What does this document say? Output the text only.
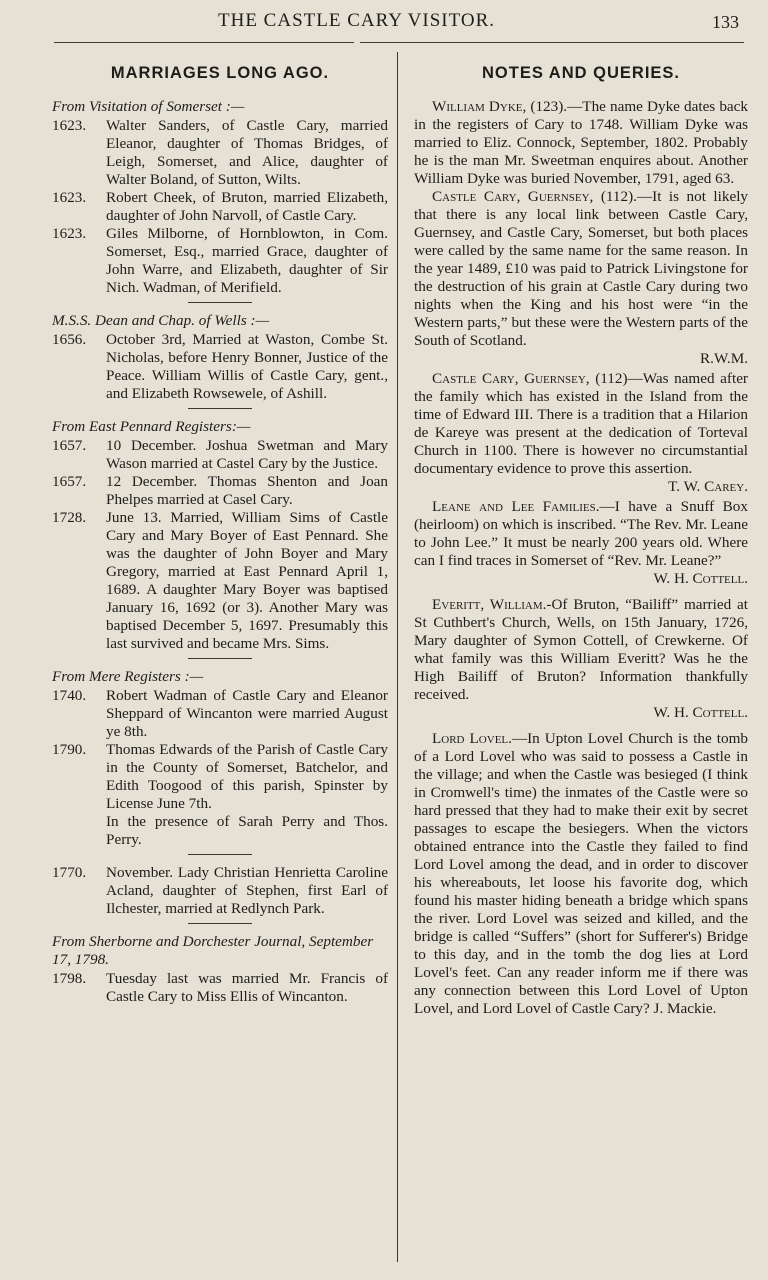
THE CASTLE CARY VISITOR.	133
MARRIAGES LONG AGO.
From Visitation of Somerset :—
1623.	Walter Sanders, of Castle Cary, married Eleanor, daughter of Thomas Bridges, of Leigh, Somerset, and Alice, daughter of Walter Boland, of Sutton, Wilts.
1623.	Robert Cheek, of Bruton, married Elizabeth, daughter of John Narvoll, of Castle Cary.
1623.	Giles Milborne, of Hornblowton, in Com. Somerset, Esq., married Grace, daughter of John Warre, and Elizabeth, daughter of Sir Nich. Wadman, of Merifield.
M.S.S. Dean and Chap. of Wells :—
1656.	October 3rd, Married at Waston, Combe St. Nicholas, before Henry Bonner, Justice of the Peace. William Willis of Castle Cary, gent., and Elizabeth Rowsewele, of Ashill.
From East Pennard Registers:—
1657.	10 December. Joshua Swetman and Mary Wason married at Castel Cary by the Justice.
1657.	12 December. Thomas Shenton and Joan Phelpes married at Casel Cary.
1728.	June 13. Married, William Sims of Castle Cary and Mary Boyer of East Pennard. She was the daughter of John Boyer and Mary Gregory, married at East Pennard April 1, 1689. A daughter Mary Boyer was baptised January 16, 1692 (or 3). Another Mary was baptised December 5, 1697. Presumably this last survived and became Mrs. Sims.
From Mere Registers :—
1740.	Robert Wadman of Castle Cary and Eleanor Sheppard of Wincanton were married August ye 8th.
1790.	Thomas Edwards of the Parish of Castle Cary in the County of Somerset, Batchelor, and Edith Toogood of this parish, Spinster by License June 7th.
In the presence of Sarah Perry and Thos. Perry.
1770.	November. Lady Christian Henrietta Caroline Acland, daughter of Stephen, first Earl of Ilchester, married at Redlynch Park.
From Sherborne and Dorchester Journal, September 17, 1798.
1798.	Tuesday last was married Mr. Francis of Castle Cary to Miss Ellis of Wincanton.
NOTES AND QUERIES.

William Dyke, (123).—The name Dyke dates back in the registers of Cary to 1748. William Dyke was married to Eliz. Connock, September, 1802. Probably he is the man Mr. Sweetman enquires about. Another William Dyke was buried November, 1791, aged 63.

Castle Cary, Guernsey, (112).—It is not likely that there is any local link between Castle Cary, Guernsey, and Castle Cary, Somerset, but both places were called by the same name for the same reason. In the year 1489, £10 was paid to Patrick Livingstone for the destruction of his grain at Castle Cary during two nights when the King and his host were “in the Western parts,” but these were the Western parts of the South of Scotland.

R.W.M.

Castle Cary, Guernsey, (112)—Was named after the family which has existed in the Island from the time of Edward III. There is a tradition that a Hilarion de Kareye was present at the dedication of Torteval Church in 1100. There is however no circumstantial documentary evidence to prove this assertion.

T. W. Carey.

Leane and Lee Families.—I have a Snuff Box (heirloom) on which is inscribed. “The Rev. Mr. Leane to John Lee.” It must be nearly 200 years old. Where can I find traces in Somerset of “Rev. Mr. Leane?”

W. H. Cottell.

Everitt, William.-Of Bruton, “Bailiff” married at St Cuthbert's Church, Wells, on 15th January, 1726, Mary daughter of Symon Cottell, of Crewkerne. Of what family was this William Everitt? Was he the High Bailiff of Bruton? Information thankfully received.

W. H. Cottell.

Lord Lovel.—In Upton Lovel Church is the tomb of a Lord Lovel who was said to possess a Castle in the village; and when the Castle was besieged (I think in Cromwell's time) the inmates of the Castle were so hard pressed that they had to make their exit by secret passages to escape the besiegers. When the victors obtained entrance into the Castle they failed to find Lord Lovel among the dead, and in order to discover his whereabouts, let loose his favorite dog, which found his master hiding beneath a bridge which spans the river. Lord Lovel was seized and killed, and the bridge is called “Suffers” (short for Sufferer's) Bridge to this day, and in the tomb the dog lies at Lord Lovel's feet. Can any reader inform me if there was any connection between this Lord Lovel of Upton Lovel, and Lord Lovel of Castle Cary? J. Mackie.
